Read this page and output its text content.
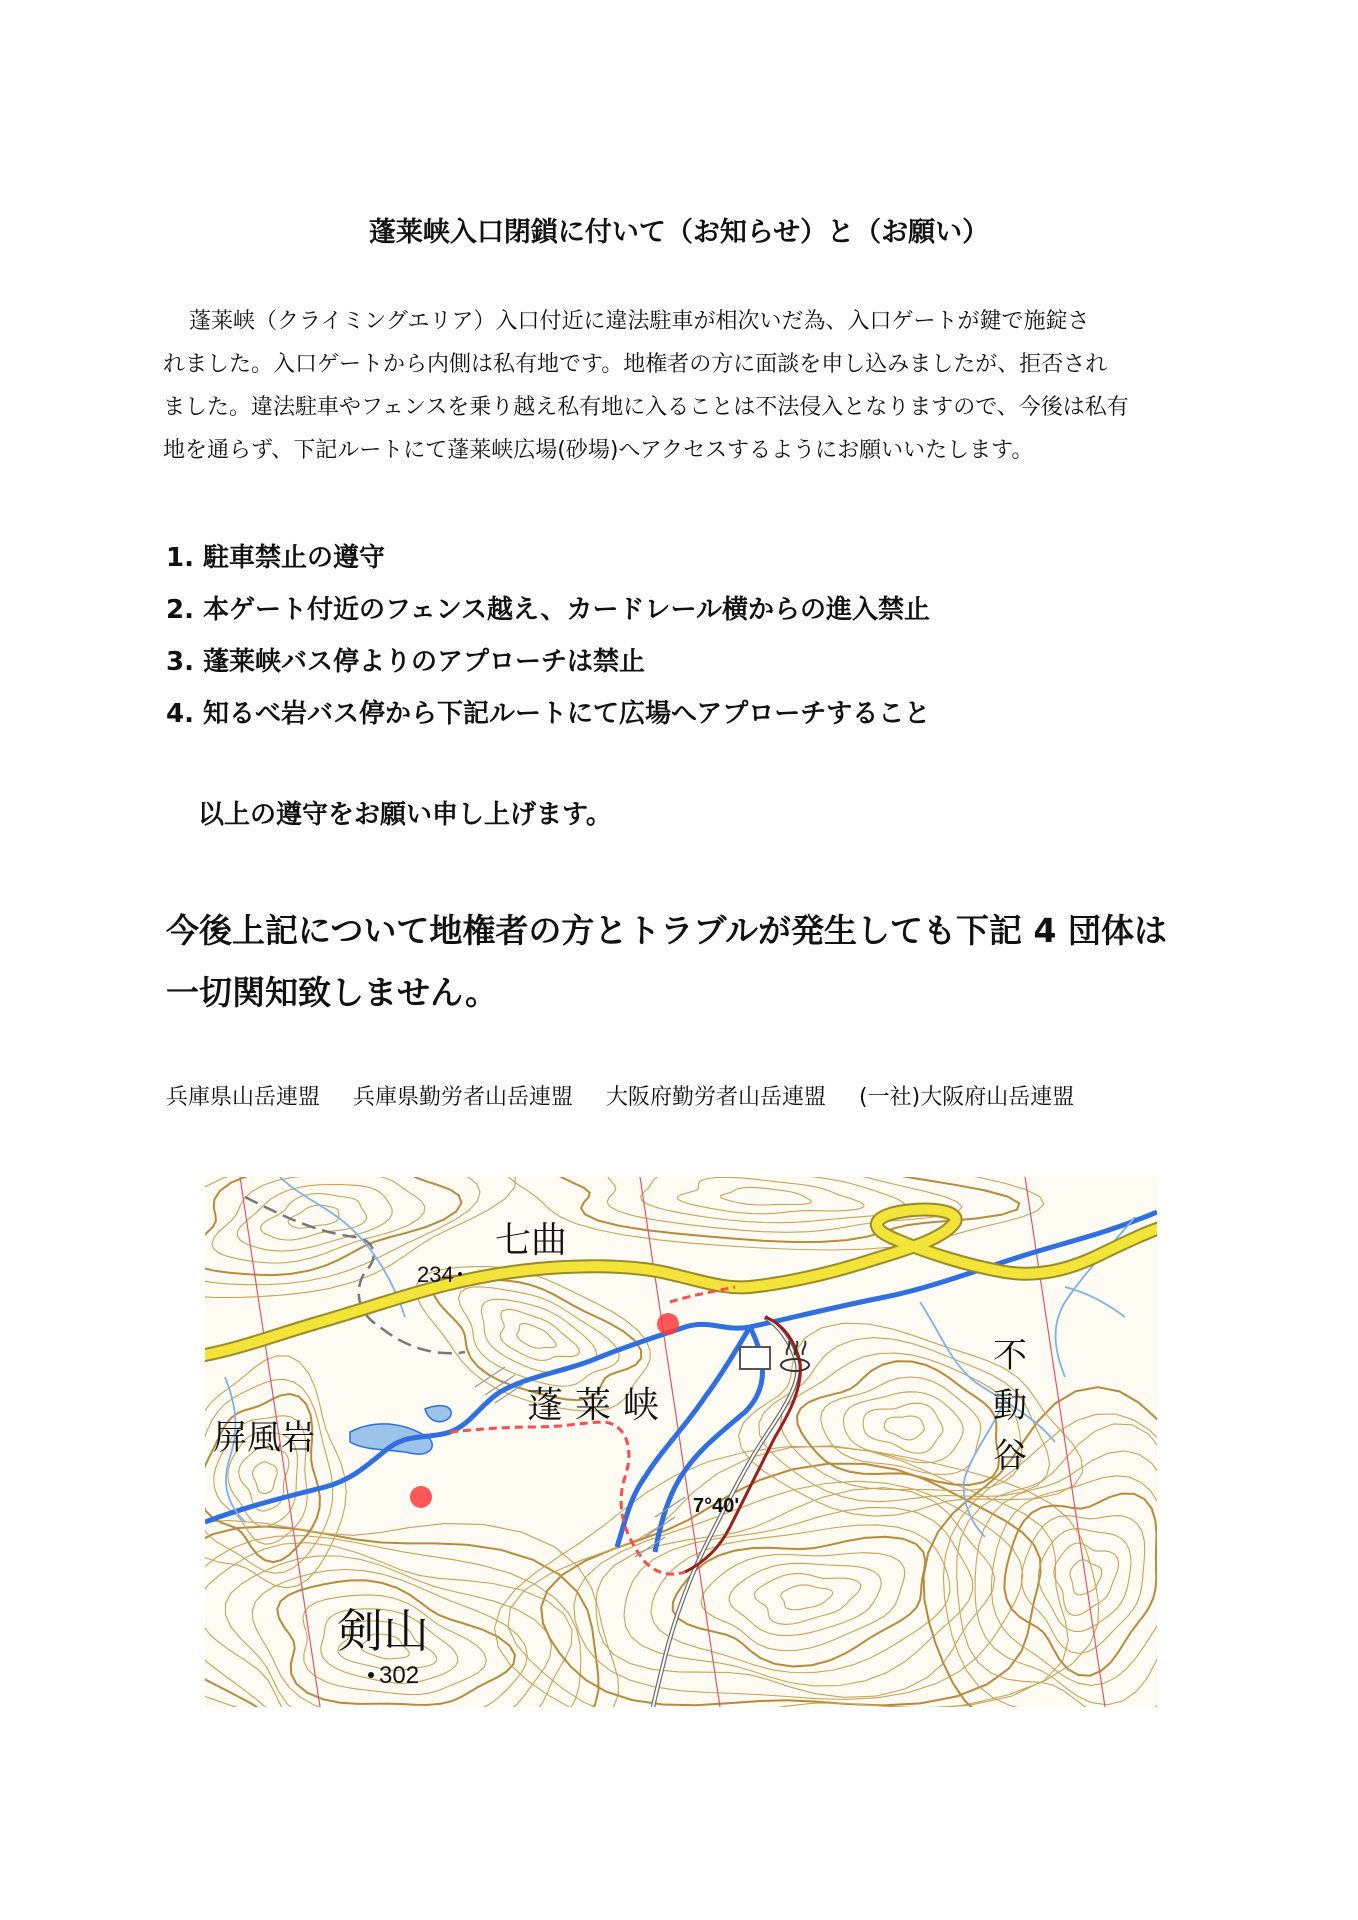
蓬莱峡入口閉鎖に付いて（お知らせ）と（お願い）
蓬莱峡（クライミングエリア）入口付近に違法駐車が相次いだ為、入口ゲートが鍵で施錠さ
れました。入口ゲートから内側は私有地です。地権者の方に面談を申し込みましたが、拒否され
ました。違法駐車やフェンスを乗り越え私有地に入ることは不法侵入となりますので、今後は私有
地を通らず、下記ルートにて蓬莱峡広場(砂場)へアクセスするようにお願いいたします。
1. 駐車禁止の遵守
2. 本ゲート付近のフェンス越え、カードレール横からの進入禁止
3. 蓬莱峡バス停よりのアプローチは禁止
4. 知るべ岩バス停から下記ルートにて広場へアプローチすること
以上の遵守をお願い申し上げます。
今後上記について地権者の方とトラブルが発生しても下記 4 団体は
一切関知致しません。
兵庫県山岳連盟 兵庫県勤労者山岳連盟 大阪府勤労者山岳連盟 (一社)大阪府山岳連盟
七曲
234
屏風岩
蓬莱峡
不
動
谷
剣山
302
7°40'
